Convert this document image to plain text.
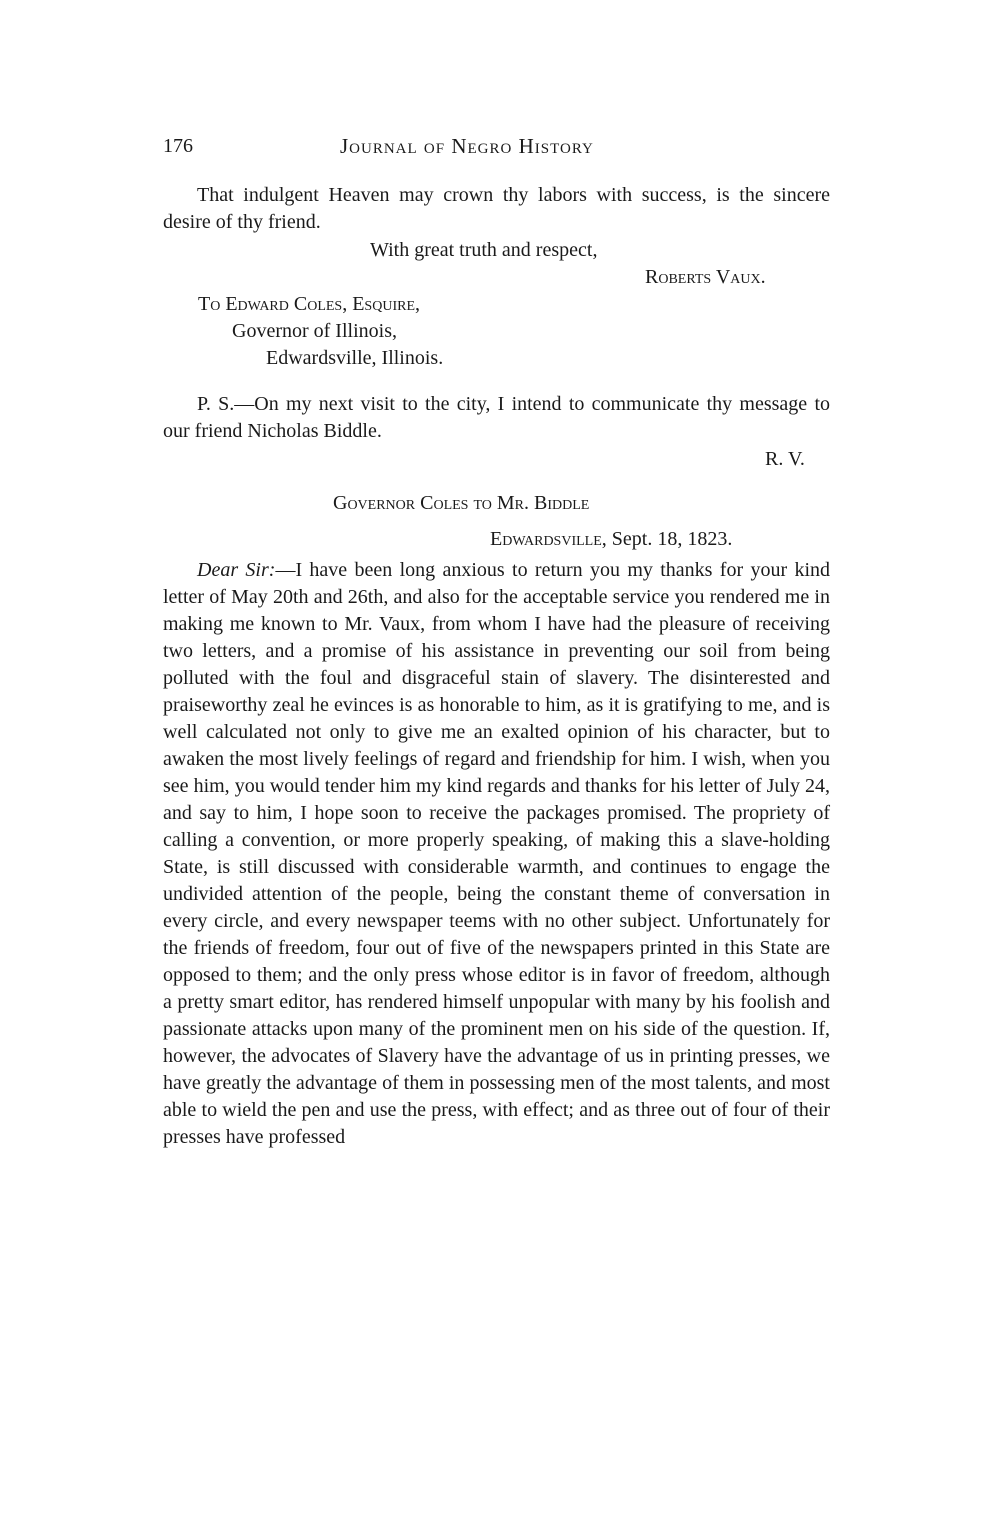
176	Journal of Negro History

That indulgent Heaven may crown thy labors with success, is the sincere desire of thy friend.

With great truth and respect,
Roberts Vaux.
To Edward Coles, Esquire,
Governor of Illinois,
Edwardsville, Illinois.

P. S.—On my next visit to the city, I intend to communicate thy message to our friend Nicholas Biddle.

R. V.
Governor Coles to Mr. Biddle
Edwardsville, Sept. 18, 1823.

Dear Sir:—I have been long anxious to return you my thanks for your kind letter of May 20th and 26th, and also for the acceptable service you rendered me in making me known to Mr. Vaux, from whom I have had the pleasure of receiving two letters, and a promise of his assistance in preventing our soil from being polluted with the foul and disgraceful stain of slavery. The disinterested and praiseworthy zeal he evinces is as honorable to him, as it is gratifying to me, and is well calculated not only to give me an exalted opinion of his character, but to awaken the most lively feelings of regard and friendship for him. I wish, when you see him, you would tender him my kind regards and thanks for his letter of July 24, and say to him, I hope soon to receive the packages promised. The propriety of calling a convention, or more properly speaking, of making this a slave-holding State, is still discussed with considerable warmth, and continues to engage the undivided attention of the people, being the constant theme of conversation in every circle, and every newspaper teems with no other subject. Unfortunately for the friends of freedom, four out of five of the newspapers printed in this State are opposed to them; and the only press whose editor is in favor of freedom, although a pretty smart editor, has rendered himself unpopular with many by his foolish and passionate attacks upon many of the prominent men on his side of the question. If, however, the advocates of Slavery have the advantage of us in printing presses, we have greatly the advantage of them in possessing men of the most talents, and most able to wield the pen and use the press, with effect; and as three out of four of their presses have professed
